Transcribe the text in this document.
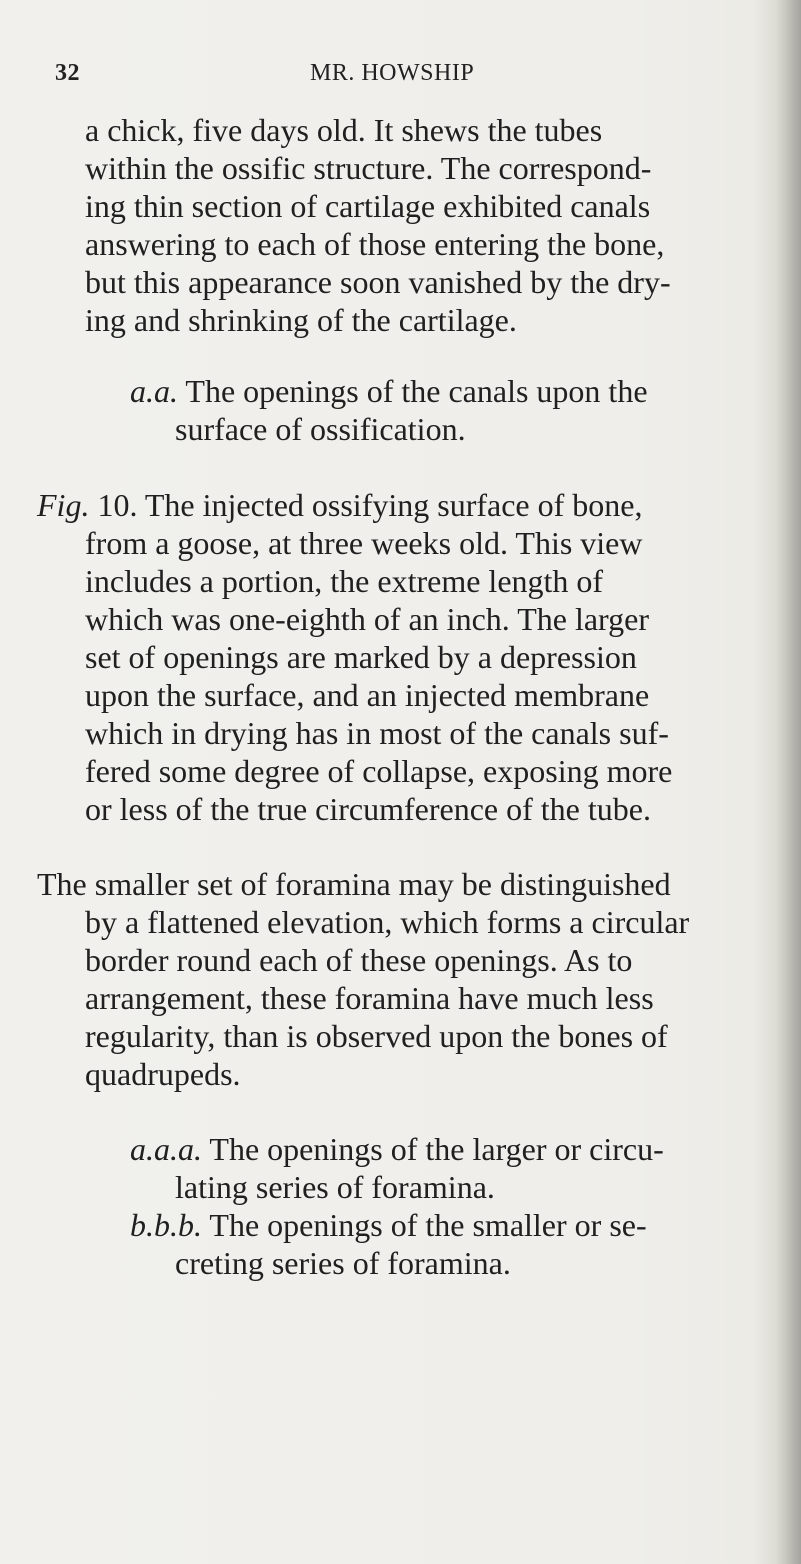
32	MR. HOWSHIP
a chick, five days old. It shews the tubes
within the ossific structure. The correspond-
ing thin section of cartilage exhibited canals
answering to each of those entering the bone,
but this appearance soon vanished by the dry-
ing and shrinking of the cartilage.
a.a. The openings of the canals upon the
surface of ossification.
Fig. 10. The injected ossifying surface of bone,
from a goose, at three weeks old. This view
includes a portion, the extreme length of
which was one-eighth of an inch. The larger
set of openings are marked by a depression
upon the surface, and an injected membrane
which in drying has in most of the canals suf-
fered some degree of collapse, exposing more
or less of the true circumference of the tube.
The smaller set of foramina may be distinguished
by a flattened elevation, which forms a circular
border round each of these openings. As to
arrangement, these foramina have much less
regularity, than is observed upon the bones of
quadrupeds.
a.a.a. The openings of the larger or circu-
lating series of foramina.
b.b.b. The openings of the smaller or se-
creting series of foramina.
